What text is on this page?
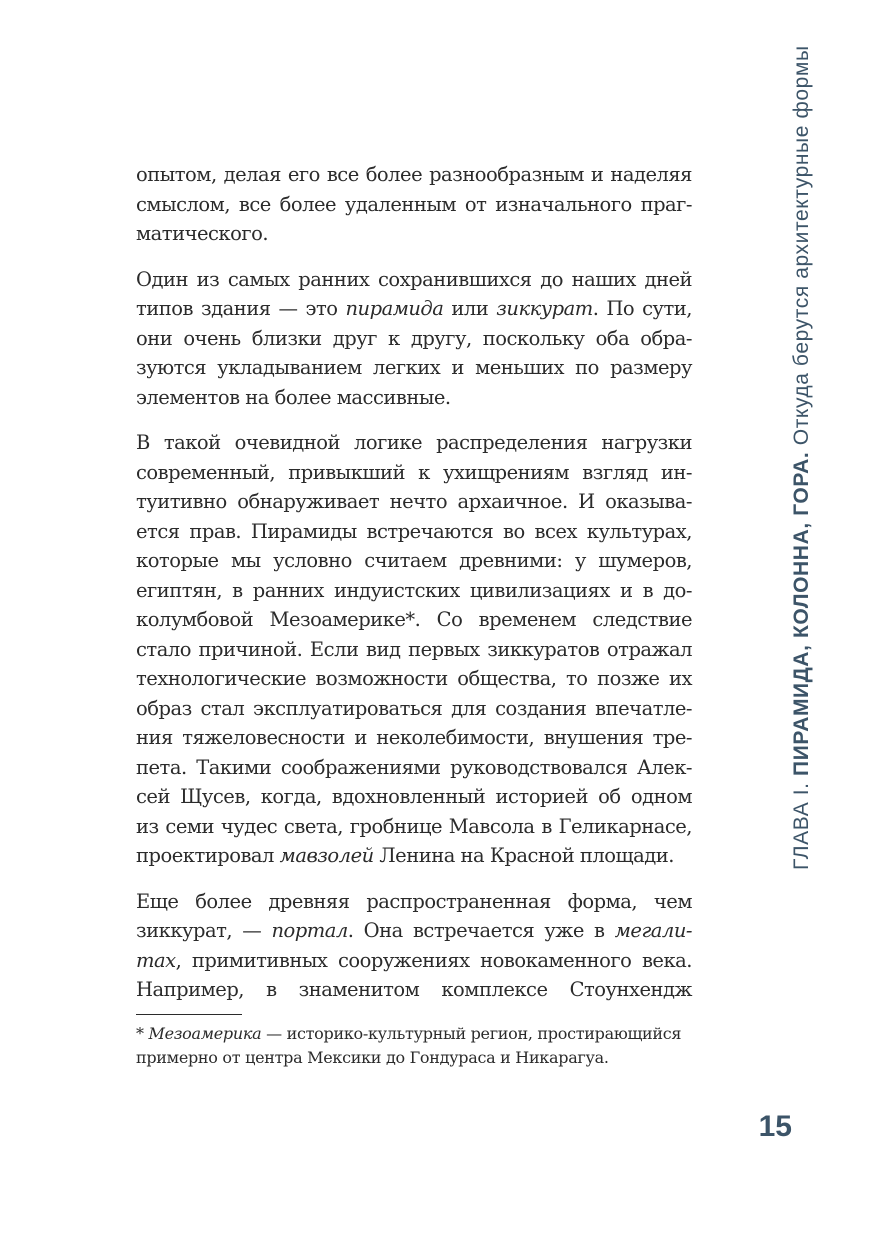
опытом, делая его все более разнообразным и наделяя
смыслом, все более удаленным от изначального праг-
матического.
Один из самых ранних сохранившихся до наших дней
типов здания — это пирамида или зиккурат. По сути,
они очень близки друг к другу, поскольку оба обра-
зуются укладыванием легких и меньших по размеру
элементов на более массивные.
В такой очевидной логике распределения нагрузки
современный, привыкший к ухищрениям взгляд ин-
туитивно обнаруживает нечто архаичное. И оказыва-
ется прав. Пирамиды встречаются во всех культурах,
которые мы условно считаем древними: у шумеров,
египтян, в ранних индуистских цивилизациях и в до-
колумбовой Мезоамерике*. Со временем следствие
стало причиной. Если вид первых зиккуратов отражал
технологические возможности общества, то позже их
образ стал эксплуатироваться для создания впечатле-
ния тяжеловесности и неколебимости, внушения тре-
пета. Такими соображениями руководствовался Алек-
сей Щусев, когда, вдохновленный историей об одном
из семи чудес света, гробнице Мавсола в Геликарнасе,
проектировал мавзолей Ленина на Красной площади.
Еще более древняя распространенная форма, чем
зиккурат, — портал. Она встречается уже в мегали-
тах, примитивных сооружениях новокаменного века.
Например, в знаменитом комплексе Стоунхендж
* Мезоамерика — историко-культурный регион, простирающийся
примерно от центра Мексики до Гондураса и Никарагуа.
ГЛАВА I. ПИРАМИДА, КОЛОННА, ГОРА. Откуда берутся архитектурные формы
15
